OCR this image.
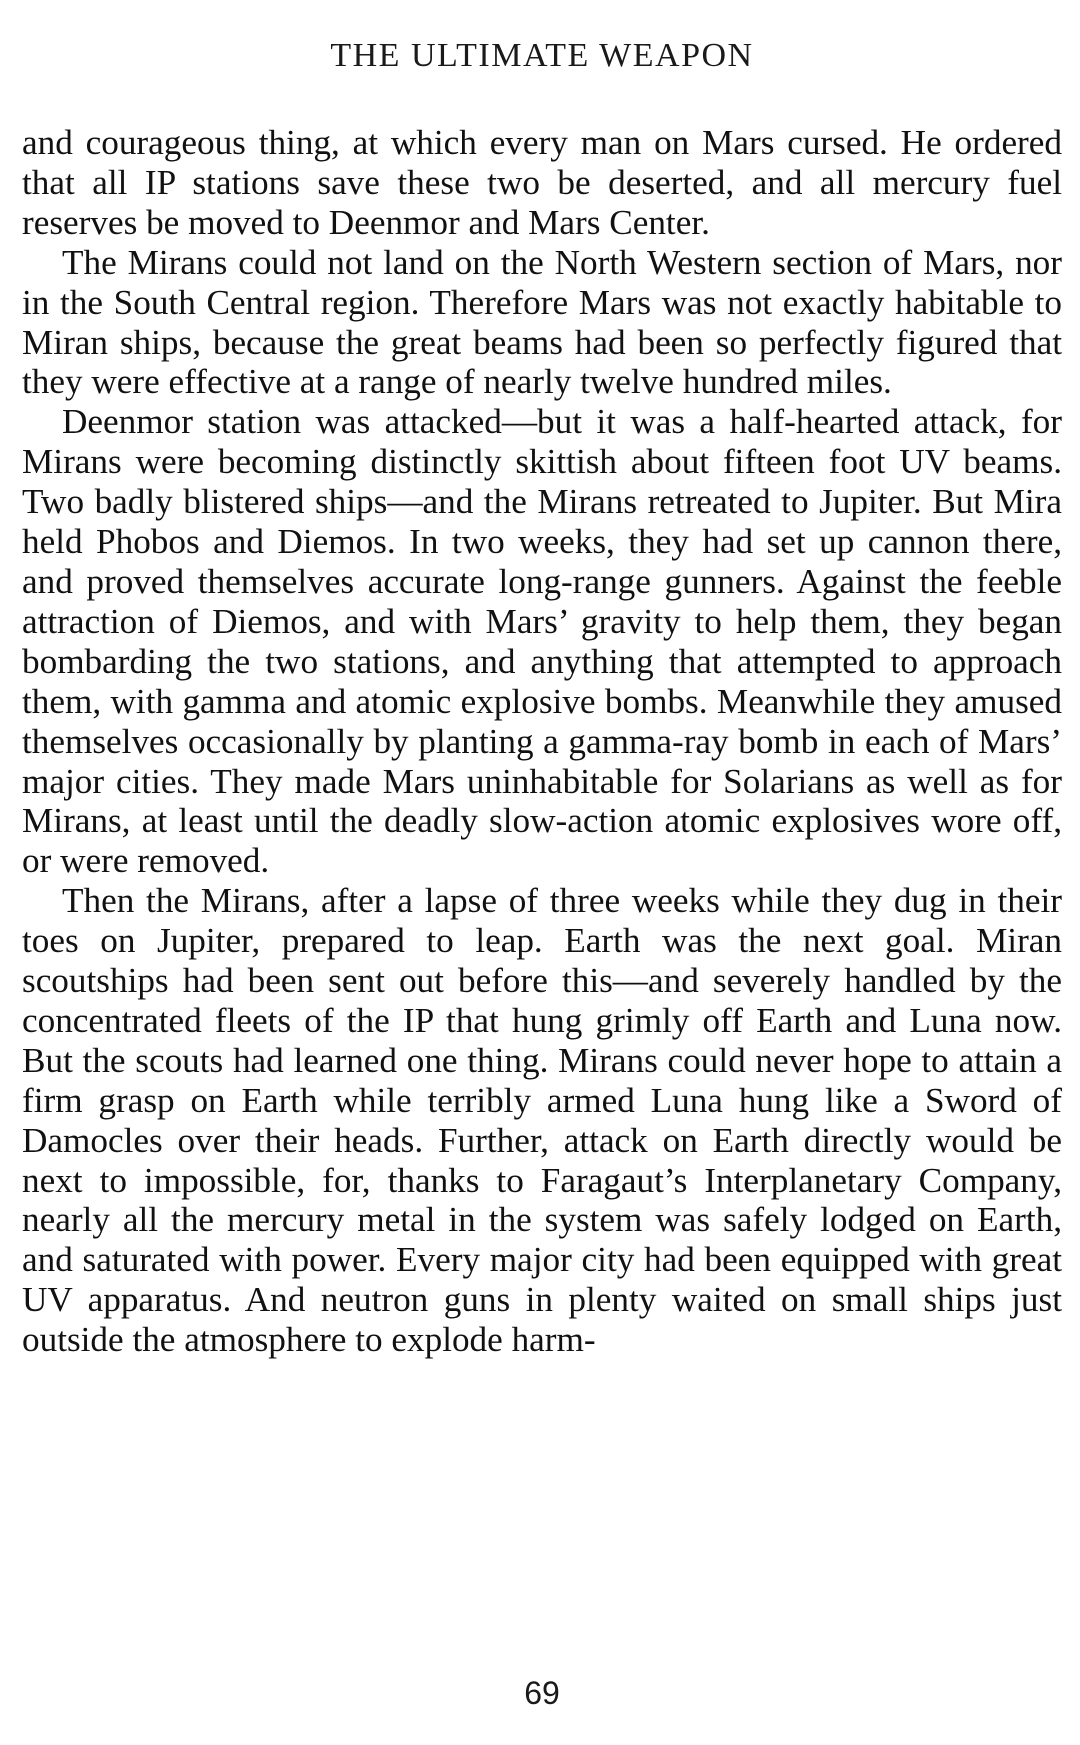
THE ULTIMATE WEAPON

and courageous thing, at which every man on Mars cursed. He ordered that all IP stations save these two be deserted, and all mercury fuel reserves be moved to Deenmor and Mars Center.

The Mirans could not land on the North Western section of Mars, nor in the South Central region. Therefore Mars was not exactly habitable to Miran ships, because the great beams had been so perfectly figured that they were effective at a range of nearly twelve hundred miles.

Deenmor station was attacked—but it was a half-hearted attack, for Mirans were becoming distinctly skittish about fifteen foot UV beams. Two badly blistered ships—and the Mirans retreated to Jupiter. But Mira held Phobos and Diemos. In two weeks, they had set up cannon there, and proved themselves accurate long-range gunners. Against the feeble attraction of Diemos, and with Mars’ gravity to help them, they began bombarding the two stations, and anything that attempted to approach them, with gamma and atomic explosive bombs. Meanwhile they amused themselves occasionally by planting a gamma-ray bomb in each of Mars’ major cities. They made Mars uninhabitable for Solarians as well as for Mirans, at least until the deadly slow-action atomic explosives wore off, or were removed.

Then the Mirans, after a lapse of three weeks while they dug in their toes on Jupiter, prepared to leap. Earth was the next goal. Miran scoutships had been sent out before this—and severely handled by the concentrated fleets of the IP that hung grimly off Earth and Luna now. But the scouts had learned one thing. Mirans could never hope to attain a firm grasp on Earth while terribly armed Luna hung like a Sword of Damocles over their heads. Further, attack on Earth directly would be next to impossible, for, thanks to Faragaut’s Interplanetary Company, nearly all the mercury metal in the system was safely lodged on Earth, and saturated with power. Every major city had been equipped with great UV apparatus. And neutron guns in plenty waited on small ships just outside the atmosphere to explode harm-

69
